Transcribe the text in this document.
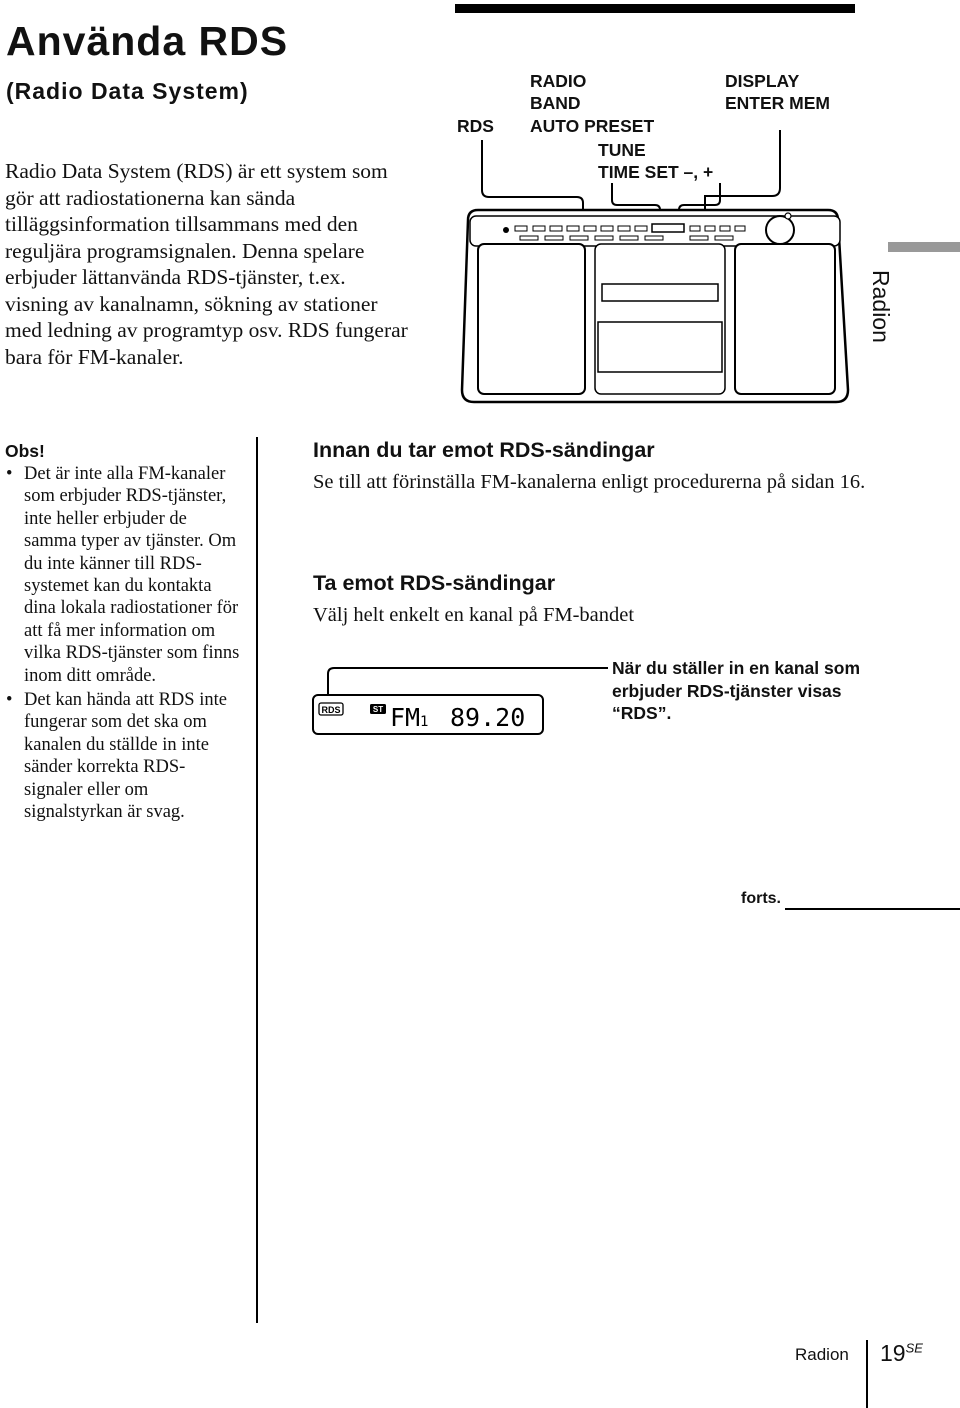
Använda RDS
(Radio Data System)
Radio Data System (RDS) är ett system som gör att radiostationerna kan sända tilläggsinformation tillsammans med den reguljära programsignalen. Denna spelare erbjuder lättanvända RDS-tjänster, t.ex. visning av kanalnamn, sökning av stationer med ledning av programtyp osv. RDS fungerar bara för FM-kanaler.
RDS
RADIO
BAND
AUTO PRESET
TUNE
TIME SET –, +
DISPLAY
ENTER MEM
Radion
Obs!
• Det är inte alla FM-kanaler som erbjuder RDS-tjänster, inte heller erbjuder de samma typer av tjänster. Om du inte känner till RDS-systemet kan du kontakta dina lokala radiostationer för att få mer information om vilka RDS-tjänster som finns inom ditt område.
• Det kan hända att RDS inte fungerar som det ska om kanalen du ställde in inte sänder korrekta RDS-signaler eller om signalstyrkan är svag.
Innan du tar emot RDS-sändingar
Se till att förinställa FM-kanalerna enligt procedurerna på sidan 16.
Ta emot RDS-sändingar
Välj helt enkelt en kanal på FM-bandet
RDS	ST FM 1 89.20
När du ställer in en kanal som erbjuder RDS-tjänster visas “RDS”.
forts.
Radion $19^{SE}$
